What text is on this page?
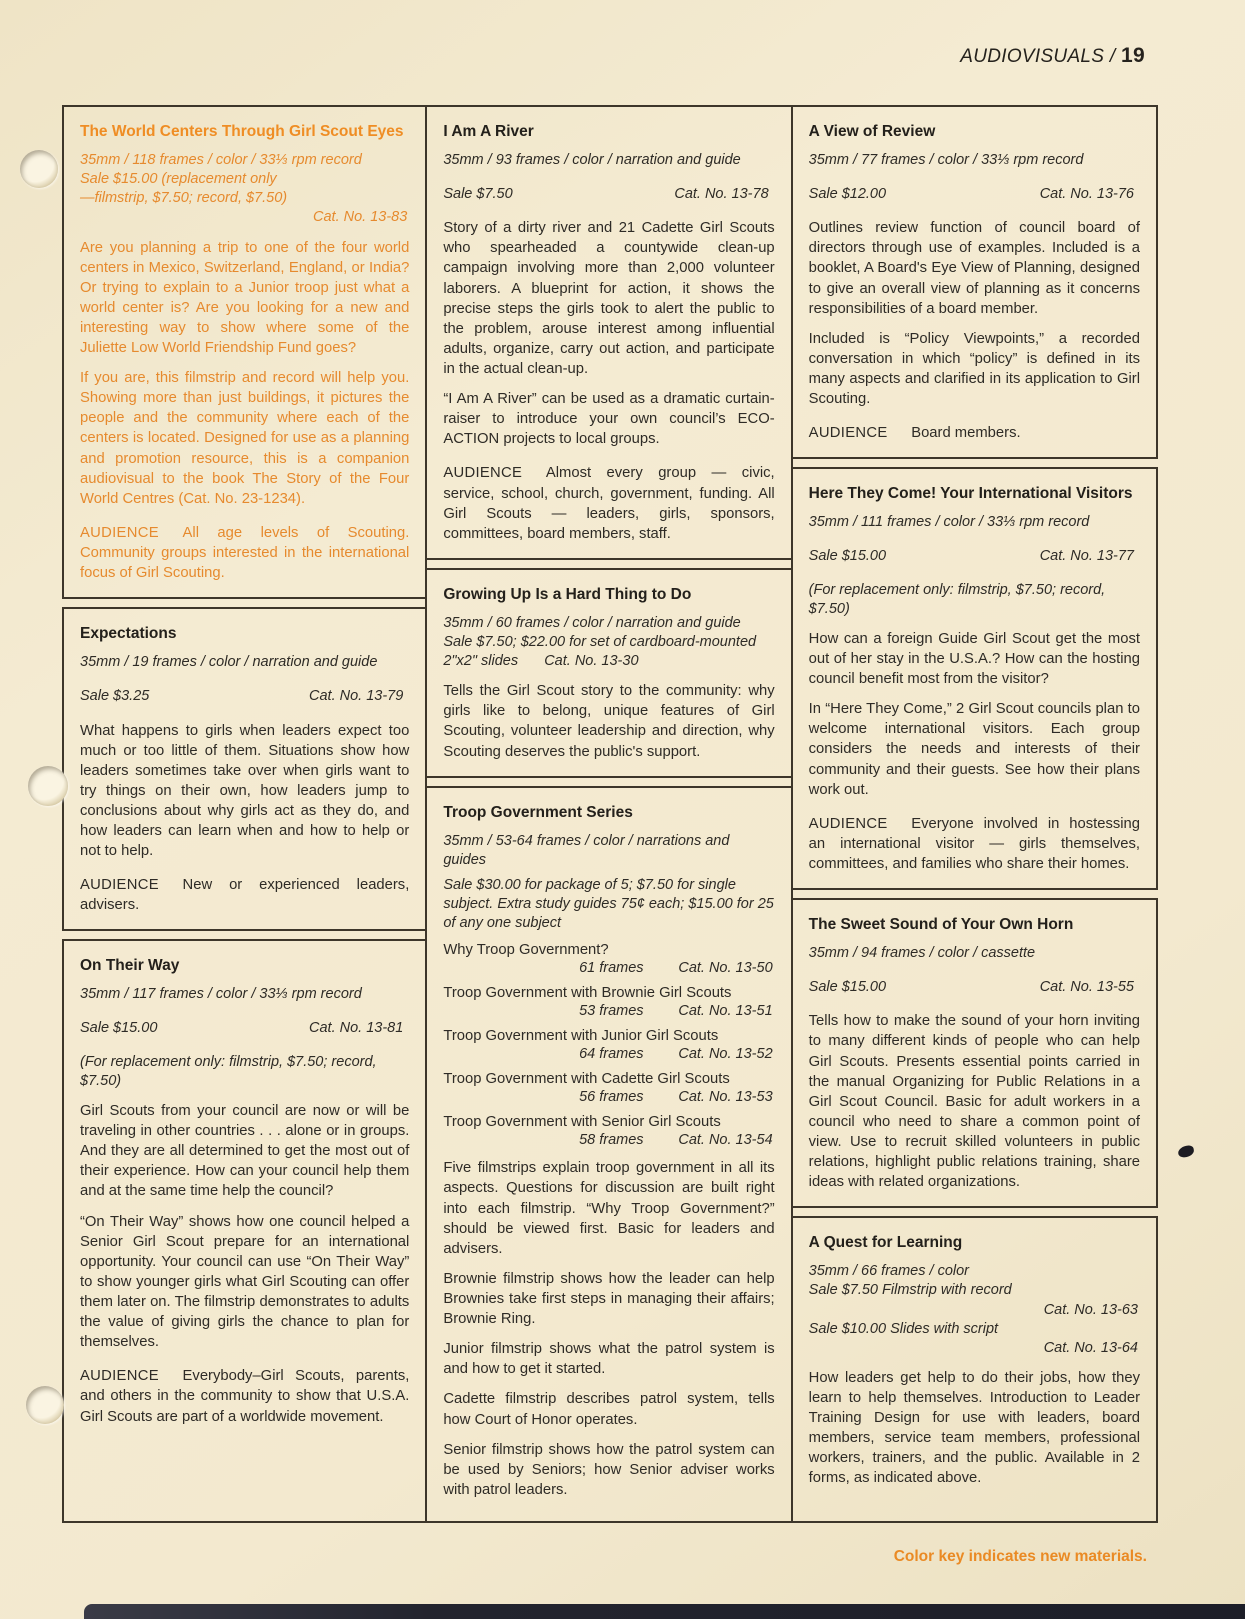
AUDIOVISUALS / 19
The World Centers Through Girl Scout Eyes

35mm / 118 frames / color / 33⅓ rpm record

Sale $15.00 (replacement only

—filmstrip, $7.50; record, $7.50)

Cat. No. 13-83

Are you planning a trip to one of the four world centers in Mexico, Switzerland, England, or India? Or trying to explain to a Junior troop just what a world center is? Are you looking for a new and interesting way to show where some of the Juliette Low World Friendship Fund goes?

If you are, this filmstrip and record will help you. Showing more than just buildings, it pictures the people and the community where each of the centers is located. Designed for use as a planning and promotion resource, this is a companion audiovisual to the book The Story of the Four World Centres (Cat. No. 23-1234).

AUDIENCE All age levels of Scouting. Community groups interested in the international focus of Girl Scouting.

Expectations

35mm / 19 frames / color / narration and guide

Sale $3.25	Cat. No. 13-79

What happens to girls when leaders expect too much or too little of them. Situations show how leaders sometimes take over when girls want to try things on their own, how leaders jump to conclusions about why girls act as they do, and how leaders can learn when and how to help or not to help.

AUDIENCE New or experienced leaders, advisers.

On Their Way

35mm / 117 frames / color / 33⅓ rpm record

Sale $15.00	Cat. No. 13-81

(For replacement only: filmstrip, $7.50; record, $7.50)

Girl Scouts from your council are now or will be traveling in other countries . . . alone or in groups. And they are all determined to get the most out of their experience. How can your council help them and at the same time help the council?

“On Their Way” shows how one council helped a Senior Girl Scout prepare for an international opportunity. Your council can use “On Their Way” to show younger girls what Girl Scouting can offer them later on. The filmstrip demonstrates to adults the value of giving girls the chance to plan for themselves.

AUDIENCE Everybody–Girl Scouts, parents, and others in the community to show that U.S.A. Girl Scouts are part of a worldwide movement.

I Am A River

35mm / 93 frames / color / narration and guide

Sale $7.50	Cat. No. 13-78

Story of a dirty river and 21 Cadette Girl Scouts who spearheaded a countywide clean-up campaign involving more than 2,000 volunteer laborers. A blueprint for action, it shows the precise steps the girls took to alert the public to the problem, arouse interest among influential adults, organize, carry out action, and participate in the actual clean-up.

“I Am A River” can be used as a dramatic curtain-raiser to introduce your own council’s ECO-ACTION projects to local groups.

AUDIENCE Almost every group — civic, service, school, church, government, funding. All Girl Scouts — leaders, girls, sponsors, committees, board members, staff.

Growing Up Is a Hard Thing to Do

35mm / 60 frames / color / narration and guide

Sale $7.50; $22.00 for set of cardboard-mounted 2"x2" slides Cat. No. 13-30

Tells the Girl Scout story to the community: why girls like to belong, unique features of Girl Scouting, volunteer leadership and direction, why Scouting deserves the public's support.

Troop Government Series

35mm / 53-64 frames / color / narrations and guides

Sale $30.00 for package of 5; $7.50 for single subject. Extra study guides 75¢ each; $15.00 for 25 of any one subject

Why Troop Government?

61 frames Cat. No. 13-50

Troop Government with Brownie Girl Scouts

53 frames Cat. No. 13-51

Troop Government with Junior Girl Scouts

64 frames Cat. No. 13-52

Troop Government with Cadette Girl Scouts

56 frames Cat. No. 13-53

Troop Government with Senior Girl Scouts

58 frames Cat. No. 13-54

Five filmstrips explain troop government in all its aspects. Questions for discussion are built right into each filmstrip. “Why Troop Government?” should be viewed first. Basic for leaders and advisers.

Brownie filmstrip shows how the leader can help Brownies take first steps in managing their affairs; Brownie Ring.

Junior filmstrip shows what the patrol system is and how to get it started.

Cadette filmstrip describes patrol system, tells how Court of Honor operates.

Senior filmstrip shows how the patrol system can be used by Seniors; how Senior adviser works with patrol leaders.

A View of Review

35mm / 77 frames / color / 33⅓ rpm record

Sale $12.00	Cat. No. 13-76

Outlines review function of council board of directors through use of examples. Included is a booklet, A Board's Eye View of Planning, designed to give an overall view of planning as it concerns responsibilities of a board member.

Included is “Policy Viewpoints,” a recorded conversation in which “policy” is defined in its many aspects and clarified in its application to Girl Scouting.

AUDIENCE Board members.

Here They Come! Your International Visitors

35mm / 111 frames / color / 33⅓ rpm record

Sale $15.00	Cat. No. 13-77

(For replacement only: filmstrip, $7.50; record, $7.50)

How can a foreign Guide Girl Scout get the most out of her stay in the U.S.A.? How can the hosting council benefit most from the visitor?

In “Here They Come,” 2 Girl Scout councils plan to welcome international visitors. Each group considers the needs and interests of their community and their guests. See how their plans work out.

AUDIENCE Everyone involved in hostessing an international visitor — girls themselves, committees, and families who share their homes.

The Sweet Sound of Your Own Horn

35mm / 94 frames / color / cassette

Sale $15.00	Cat. No. 13-55

Tells how to make the sound of your horn inviting to many different kinds of people who can help Girl Scouts. Presents essential points carried in the manual Organizing for Public Relations in a Girl Scout Council. Basic for adult workers in a council who need to share a common point of view. Use to recruit skilled volunteers in public relations, highlight public relations training, share ideas with related organizations.

A Quest for Learning

35mm / 66 frames / color

Sale $7.50 Filmstrip with record

Cat. No. 13-63

Sale $10.00 Slides with script

Cat. No. 13-64

How leaders get help to do their jobs, how they learn to help themselves. Introduction to Leader Training Design for use with leaders, board members, service team members, professional workers, trainers, and the public. Available in 2 forms, as indicated above.

Color key indicates new materials.
